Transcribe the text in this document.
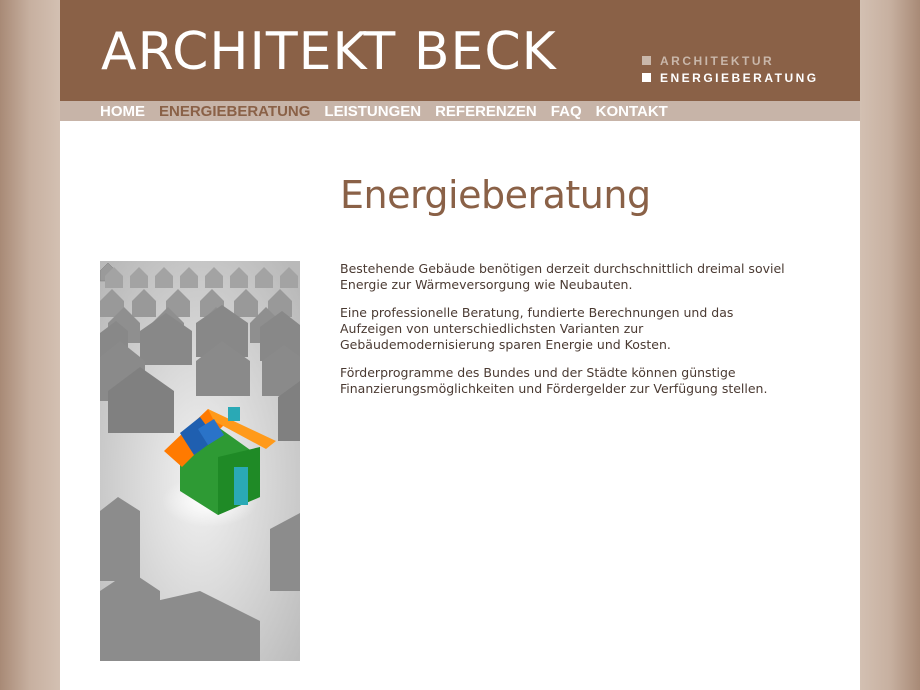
ARCHITEKT BECK	ARCHITEKTUR
ENERGIEBERATUNG
HOME ENERGIEBERATUNG LEISTUNGEN REFERENZEN FAQ KONTAKT
Energieberatung

Bestehende Gebäude benötigen derzeit durchschnittlich dreimal soviel Energie zur Wärmeversorgung wie Neubauten.

Eine professionelle Beratung, fundierte Berechnungen und das Aufzeigen von unterschiedlichsten Varianten zur Gebäudemodernisierung sparen Energie und Kosten.

Förderprogramme des Bundes und der Städte können günstige Finanzierungsmöglichkeiten und Fördergelder zur Verfügung stellen.
